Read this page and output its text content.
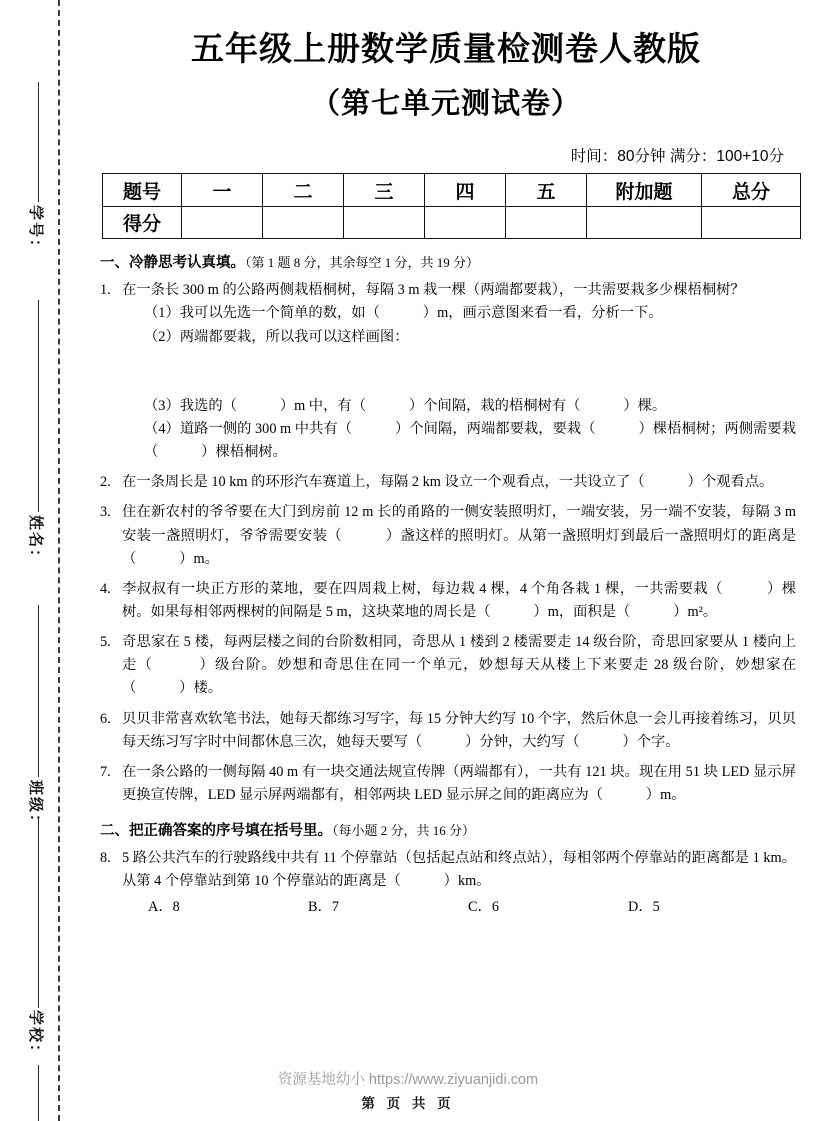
学号：
姓名：
班级：
学校：
五年级上册数学质量检测卷人教版
（第七单元测试卷）
时间：80分钟 满分：100+10分
题号	一	二	三	四	五	附加题	总分
得分							
一、冷静思考认真填。（第 1 题 8 分，其余每空 1 分，共 19 分）
1. 在一条长 300 m 的公路两侧栽梧桐树，每隔 3 m 栽一棵（两端都要栽），一共需要栽多少棵梧桐树？

（1）我可以先选一个简单的数，如（　　　）m，画示意图来看一看，分析一下。

（2）两端都要栽，所以我可以这样画图：

（3）我选的（　　　）m 中，有（　　　）个间隔，栽的梧桐树有（　　　）棵。

（4）道路一侧的 300 m 中共有（　　　）个间隔，两端都要栽，要栽（　　　）棵梧桐树；两侧需要栽（　　　）棵梧桐树。

2. 在一条周长是 10 km 的环形汽车赛道上，每隔 2 km 设立一个观看点，一共设立了（　　　）个观看点。

3. 住在新农村的爷爷要在大门到房前 12 m 长的甬路的一侧安装照明灯，一端安装，另一端不安装，每隔 3 m 安装一盏照明灯，爷爷需要安装（　　　）盏这样的照明灯。从第一盏照明灯到最后一盏照明灯的距离是（　　　）m。

4. 李叔叔有一块正方形的菜地，要在四周栽上树，每边栽 4 棵，4 个角各栽 1 棵，一共需要栽（　　　）棵树。如果每相邻两棵树的间隔是 5 m，这块菜地的周长是（　　　）m，面积是（　　　）m²。

5. 奇思家在 5 楼，每两层楼之间的台阶数相同，奇思从 1 楼到 2 楼需要走 14 级台阶，奇思回家要从 1 楼向上走（　　　）级台阶。妙想和奇思住在同一个单元，妙想每天从楼上下来要走 28 级台阶，妙想家在（　　　）楼。

6. 贝贝非常喜欢软笔书法，她每天都练习写字，每 15 分钟大约写 10 个字，然后休息一会儿再接着练习，贝贝每天练习写字时中间都休息三次，她每天要写（　　　）分钟，大约写（　　　）个字。

7. 在一条公路的一侧每隔 40 m 有一块交通法规宣传牌（两端都有），一共有 121 块。现在用 51 块 LED 显示屏更换宣传牌，LED 显示屏两端都有，相邻两块 LED 显示屏之间的距离应为（　　　）m。

二、把正确答案的序号填在括号里。（每小题 2 分，共 16 分）
8. 5 路公共汽车的行驶路线中共有 11 个停靠站（包括起点站和终点站），每相邻两个停靠站的距离都是 1 km。从第 4 个停靠站到第 10 个停靠站的距离是（　　　）km。

A．8	B．7	C．6	D．5
资源基地幼小 https://www.ziyuanjidi.com
第 页 共 页
